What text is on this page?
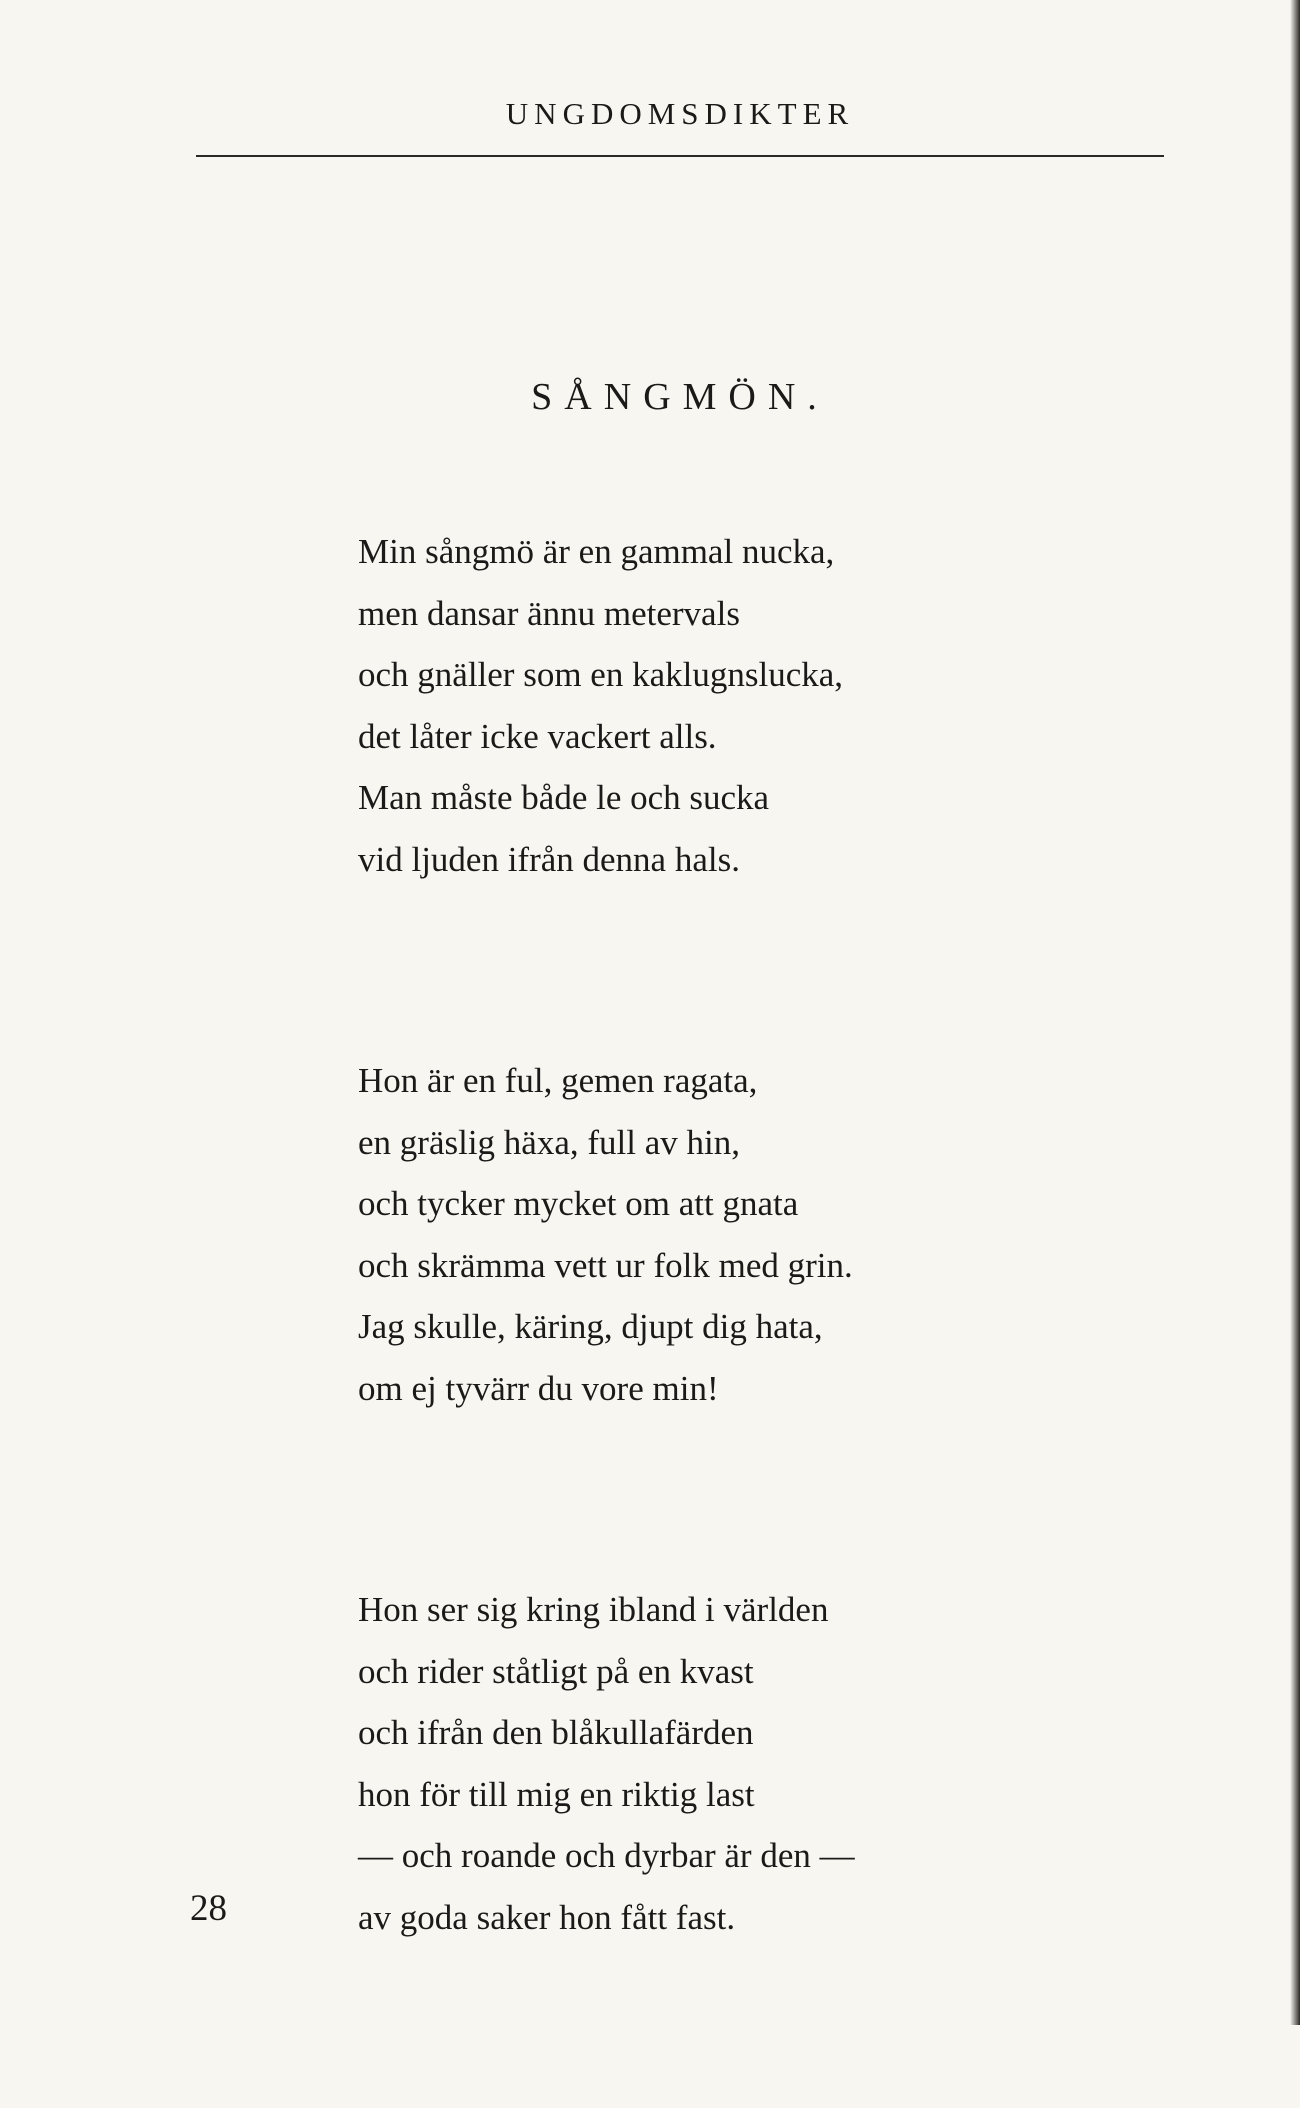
UNGDOMSDIKTER
SÅNGMÖN.
Min sångmö är en gammal nucka,
men dansar ännu metervals
och gnäller som en kaklugnslucka,
det låter icke vackert alls.
Man måste både le och sucka
vid ljuden ifrån denna hals.
Hon är en ful, gemen ragata,
en gräslig häxa, full av hin,
och tycker mycket om att gnata
och skrämma vett ur folk med grin.
Jag skulle, käring, djupt dig hata,
om ej tyvärr du vore min!
Hon ser sig kring ibland i världen
och rider ståtligt på en kvast
och ifrån den blåkullafärden
hon för till mig en riktig last
— och roande och dyrbar är den —
av goda saker hon fått fast.
28
